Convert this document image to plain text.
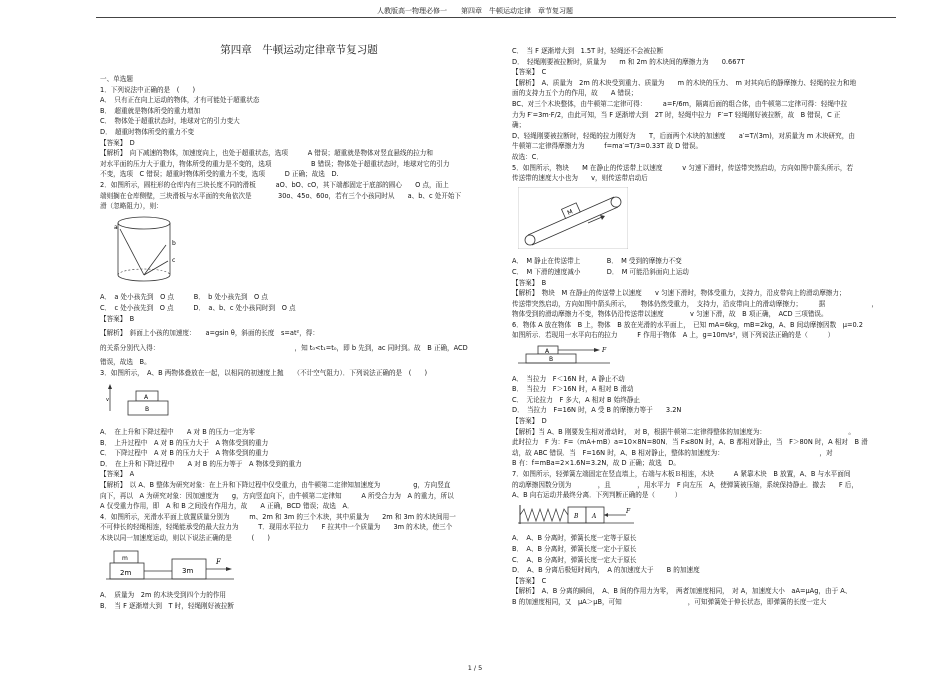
人教版高一物理必修一　　第四章　牛顿运动定律　章节复习题
第四章　牛顿运动定律章节复习题
一、单选题
1．下列说法中正确的是　(　　)
A．　只有正在向上运动的物体，才有可能处于超重状态
B．　超重就是物体所受的重力增加
C．　物体处于超重状态时，地球对它的引力变大
D．　超重时物体所受的重力不变
【答案】　D
【解析】　向下减速的物体，加速度向上，也处于超重状态，选项　　　A 错误；超重就是物体对竖直悬线的拉力和
对水平面的压力大于重力，物体所受的重力是不变的，选项　　　　　　B 错误；物体处于超重状态时，地球对它的引力
不变，选项　C 错误；超重时物体所受的重力不变，选项　　　D 正确；故选　D.
2．如图所示，圆柱形的仓库内有三块长度不同的滑板　　　aO、bO、cO，其下端都固定于底部的圆心　　O 点，而上
端则搁在仓库侧壁，三块滑板与水平面的夹角依次是　　　　30o、45o、60o，若有三个小孩同时从　　a、b、c 处开始下
滑（忽略阻力），则：
a
b
c
A．　a 处小孩先到　O 点　　　B．　b 处小孩先到　O 点
C．　c 处小孩先到　O 点　　　D．　a、b、c 处小孩同时到　O 点
【答案】　B
【解析】　斜面上小孩的加速度：　　a=gsin θ，斜面的长度　s=at²，得：
的关系分别代入得：　　　　　　　　　　　　　　　　　　　　　，知 t₀<t₁=t₀，即 b 先到，ac 同时到。故　B 正确，ACD
错误，故选　B。
3．如图所示，　A、B 两物体叠放在一起，以相同的初速度上抛　　（不计空气阻力）．下列说法正确的是　(　　)
v	A
B
A．　在上升和下降过程中　　A 对 B 的压力一定为零
B．　上升过程中　A 对 B 的压力大于　A 物体受到的重力
C．　下降过程中　A 对 B 的压力大于　A 物体受到的重力
D．　在上升和下降过程中　　A 对 B 的压力等于　A 物体受到的重力
【答案】　A
【解析】　以 A、B 整体为研究对象：在上升和下降过程中仅受重力，由牛顿第二定律知加速度为　　　　　g，方向竖直
向下，再以　A 为研究对象：因加速度为　　g，方向竖直向下，由牛顿第二定律知　　　A 所受合力为　A 的重力，所以
A 仅受重力作用，即　A 和 B 之间没有作用力，故　　A 正确，BCD 错误；故选　A．
4．如图所示，光滑水平面上放置质量分别为　　　m、2m 和 3m 的三个木块，其中质量为　　2m 和 3m 的木块间用一
不可伸长的轻绳相连，轻绳能承受的最大拉力为　　　T．现用水平拉力　　F 拉其中一个质量为　　3m 的木块，使三个
木块以同一加速度运动，则以下说法正确的是　　　(　　)
m
2m	3m
F
A．　质量为　2m 的木块受到四个力的作用
B．　当 F 逐渐增大到　T 时，轻绳刚好被拉断
C．　当 F 逐渐增大到　1.5T 时，轻绳还不会被拉断
D．　轻绳刚要被拉断时，质量为　　m 和 2m 的木块间的摩擦力为　　0.667T
【答案】　C
【解析】　A、质量为　2m 的木块受到重力、质量为　　m 的木块的压力、　m 对其向后的静摩擦力、轻绳的拉力和地
面的支持力五个力的作用，故　　A 错误；
BC、对三个木块整体，由牛顿第二定律可得：　　　a=F/6m，隔离后面的组合体，由牛顿第二定律可得：轻绳中拉
力为 F′=3m·F/2，由此可知，当 F 逐渐增大到　2T 时，轻绳中拉力　F′=T 轻绳刚好被拉断，故　B 错误，C 正
确；
D、轻绳刚要被拉断时，轻绳的拉力刚好为　　T，后面两个木块的加速度　　a′=T/(3m)，对质量为 m 木块研究，由
牛顿第二定律得摩擦力为　　　f=ma′=T/3=0.33T 故 D 错误。
故选：C．
5．如图所示，物块　　M 在静止的传送带上以速度　　　v 匀速下滑时，传送带突然启动，方向如图中箭头所示，若
传送带的速度大小也为　　v，则传送带启动后
M
A．　M 静止在传送带上　　　　B．　M 受到的摩擦力不变
C．　M 下滑的速度减小　　　　D．　M 可能沿斜面向上运动
【答案】　B
【解析】　物块　M 在静止的传送带上以速度　　v 匀速下滑时，物体受重力，支持力，沿皮带向上的滑动摩擦力；
传送带突然启动，方向如图中箭头所示，　　物体仍然受重力，　支持力，沿皮带向上的滑动摩擦力；　　　据　　　　　　　，
物体受到的滑动摩擦力不变，物体仍沿传送带以速度　　　　v 匀速下滑，故　B 项正确，　ACD 三项错误。
6．物体 A 放在物体　B 上，物体　B 放在光滑的水平面上，　已知 mA=6kg，mB=2kg，A、B 间动摩擦因数　μ=0.2
如图所示．若现用一水平向右的拉力　　　F 作用于物体　A 上，g=10m/s²，则下列说法正确的是（　　　）
A
B
F
A．　当拉力　F＜16N 时，A 静止不动
B．　当拉力　F＞16N 时，A 相对 B 滑动
C．　无论拉力　F 多大，A 相对 B 始终静止
D．　当拉力　F=16N 时，A 受 B 的摩擦力等于　　3.2N
【答案】　D
【解析】当 A、B 刚要发生相对滑动时，　对 B，根据牛顿第二定律得整体的加速度为：　　　　　　　　　　　　　。
此时拉力　F 为：F=（mA+mB）a=10×8N=80N．当 F≤80N 时，A、B 都相对静止，当　F＞80N 时，A 相对　B 滑
动，故 ABC 错误．当　F=16N 时，A、B 相对静止，整体的加速度为：　　　　　　　　　　　　　　　，对
B 有：f=mBa=2×1.6N=3.2N，故 D 正确；故选　D。
7．如图所示，轻弹簧左端固定在竖直墙上，右端与木板Ｂ相连，木块　　　A 紧靠木块　B 放置，A、B 与水平面间
的动摩擦因数分别为　　　　，且　　　　，用水平力　F 向左压　A，使弹簧被压缩，系统保持静止．撤去　　F 后，
A、B 向右运动并最终分离．下列判断正确的是（　　　）
B A
F
A．　A、B 分离时，弹簧长度一定等于原长
B．　A、B 分离时，弹簧长度一定小于原长
C．　A、B 分离时，弹簧长度一定大于原长
D．　A、B 分离后极短时间内，　A 的加速度大于　　B 的加速度
【答案】　C
【解析】　A、B 分离的瞬间，　A、B 间的作用力为零，　两者加速度相同，　对 A，加速度大小　aA=μAg，由于 A、
B 的加速度相同，又　μA＞μB，可知　　　　　　　　　　，可知弹簧处于伸长状态，即弹簧的长度一定大
1 / 5
